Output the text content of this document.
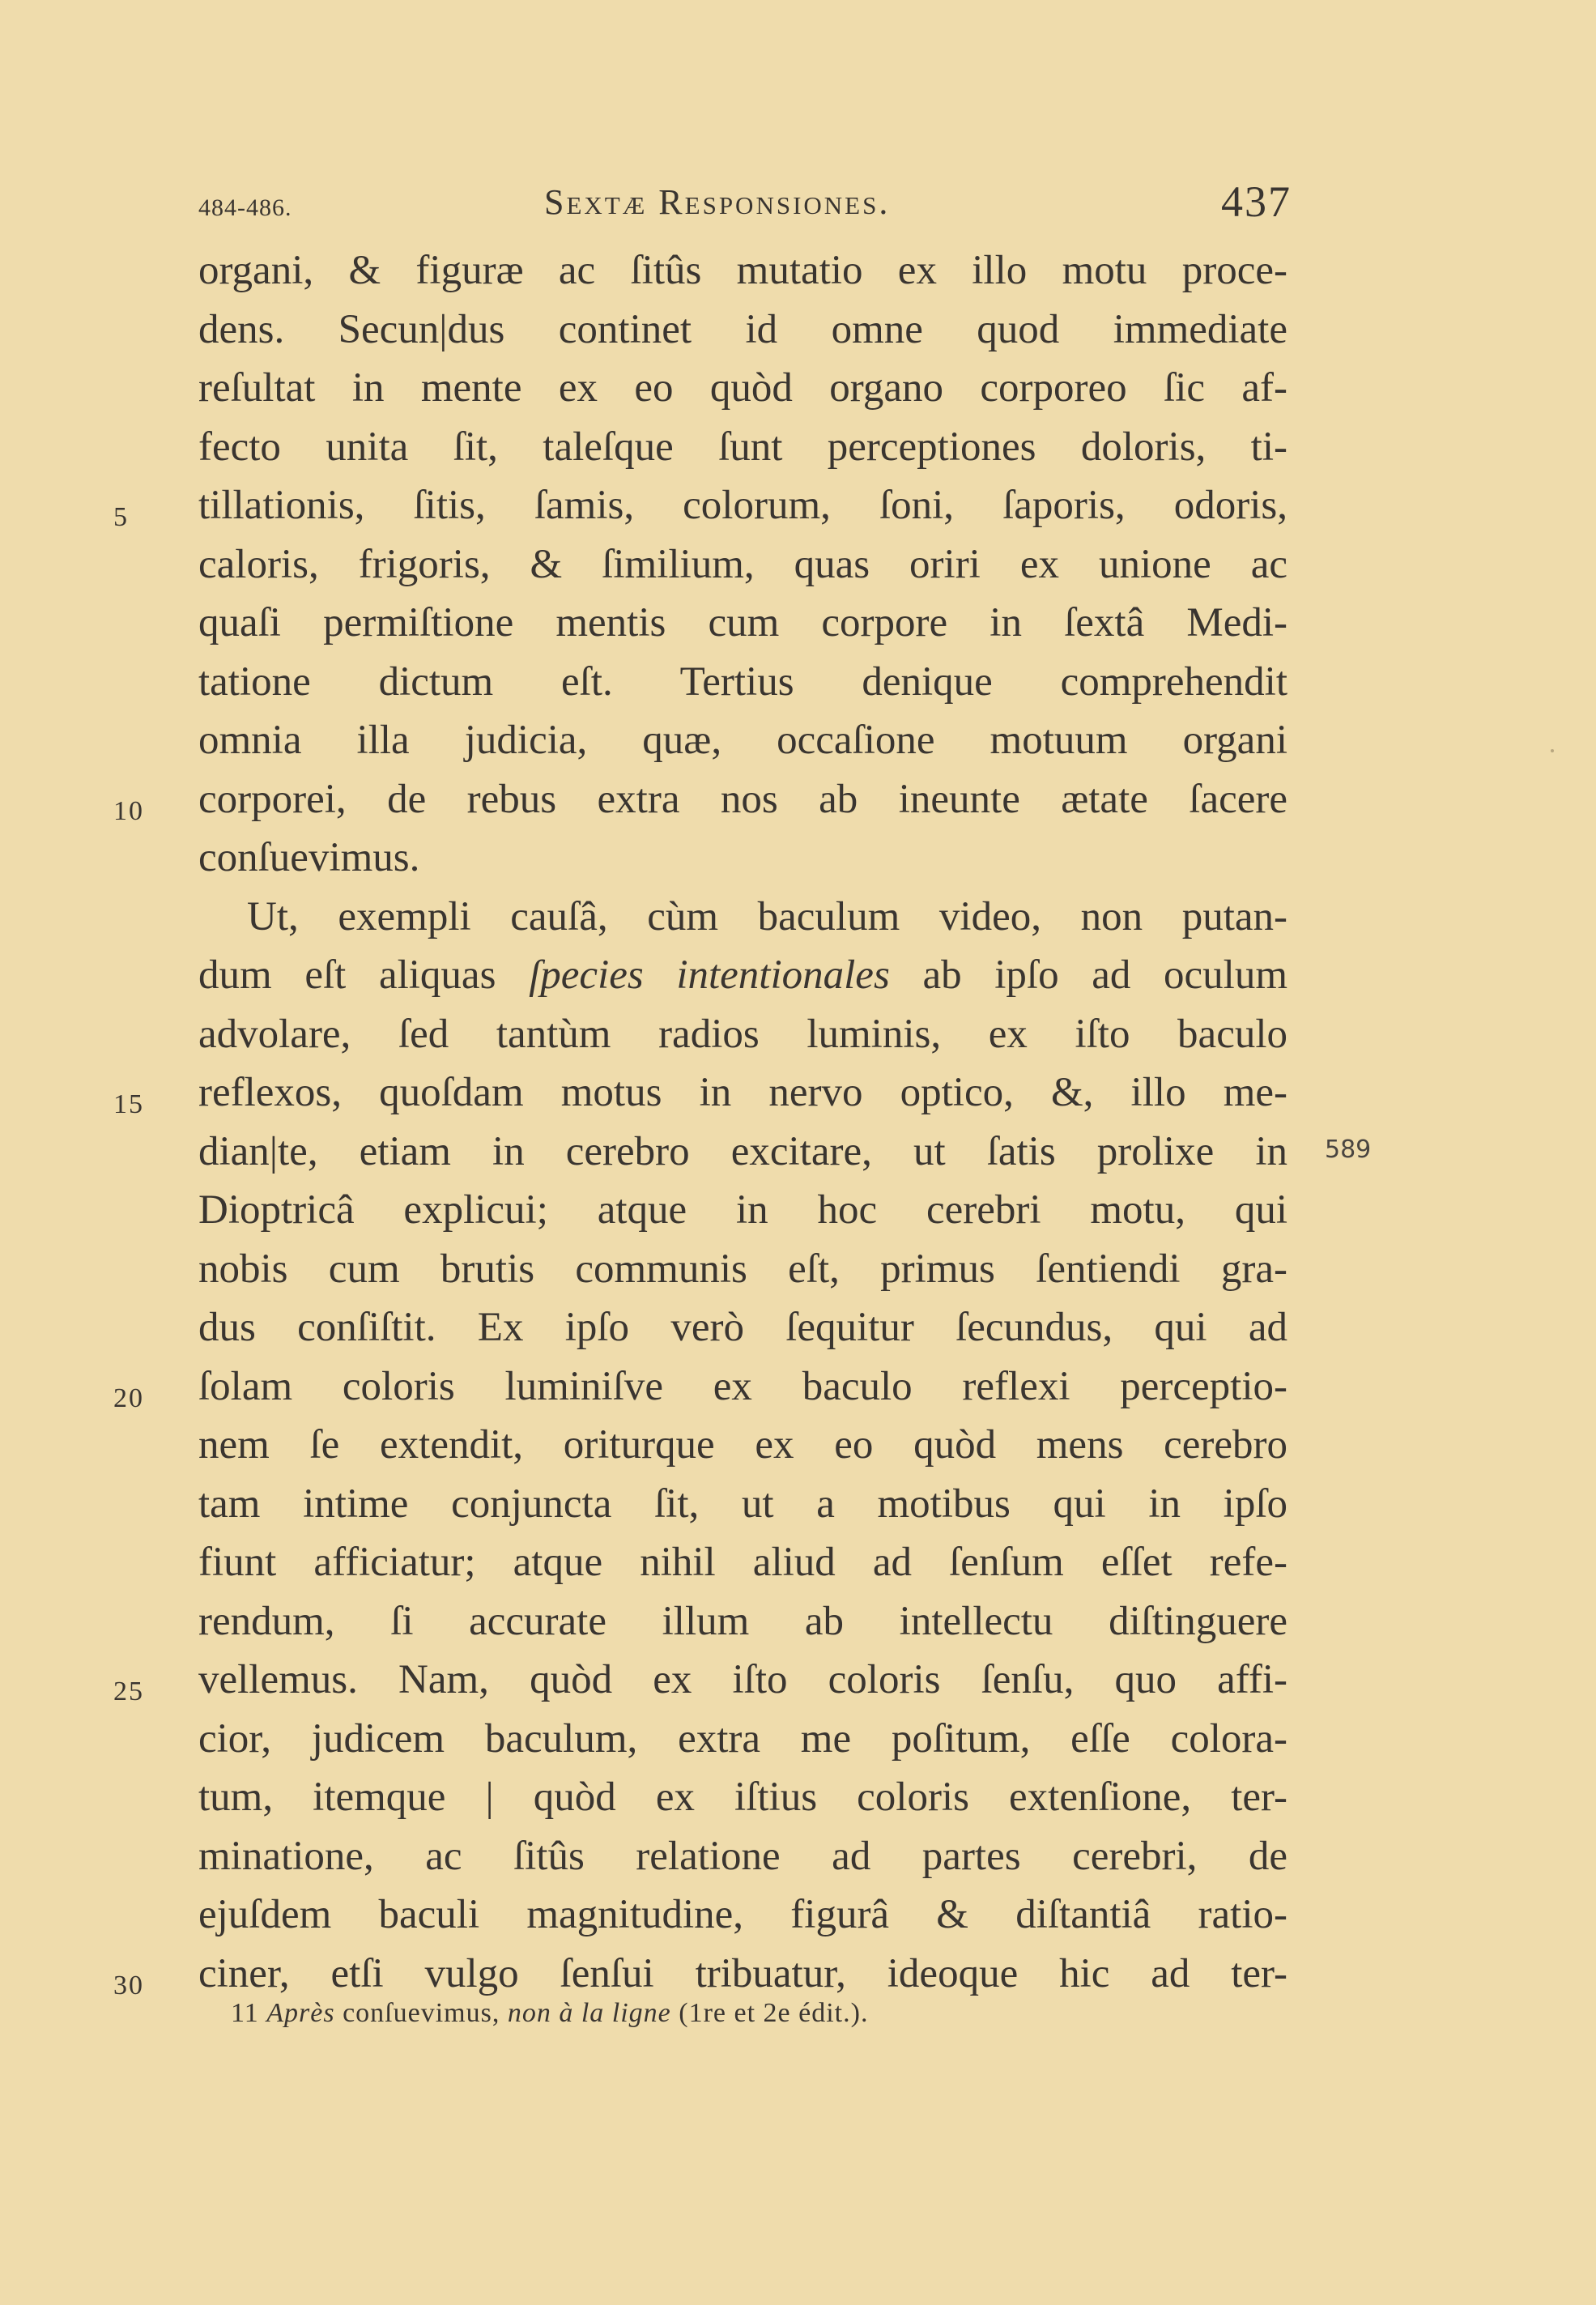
484-486.	Sextæ Responsiones.	437
organi, & figuræ ac ſitûs mutatio ex illo motu proce-
dens. Secun|dus continet id omne quod immediate
reſultat in mente ex eo quòd organo corporeo ſic af-
fecto unita ſit, taleſque ſunt perceptiones doloris, ti-
tillationis, ſitis, ſamis, colorum, ſoni, ſaporis, odoris,
caloris, frigoris, & ſimilium, quas oriri ex unione ac
quaſi permiſtione mentis cum corpore in ſextâ Medi-
tatione dictum eſt. Tertius denique comprehendit
omnia illa judicia, quæ, occaſione motuum organi
corporei, de rebus extra nos ab ineunte ætate ſacere
conſuevimus.
Ut, exempli cauſâ, cùm baculum video, non putan-
dum eſt aliquas ſpecies intentionales ab ipſo ad oculum
advolare, ſed tantùm radios luminis, ex iſto baculo
reflexos, quoſdam motus in nervo optico, &, illo me-
dian|te, etiam in cerebro excitare, ut ſatis prolixe in
Dioptricâ explicui; atque in hoc cerebri motu, qui
nobis cum brutis communis eſt, primus ſentiendi gra-
dus conſiſtit. Ex ipſo verò ſequitur ſecundus, qui ad
ſolam coloris luminiſve ex baculo reflexi perceptio-
nem ſe extendit, oriturque ex eo quòd mens cerebro
tam intime conjuncta ſit, ut a motibus qui in ipſo
fiunt afficiatur; atque nihil aliud ad ſenſum eſſet refe-
rendum, ſi accurate illum ab intellectu diſtinguere
vellemus. Nam, quòd ex iſto coloris ſenſu, quo affi-
cior, judicem baculum, extra me poſitum, eſſe colora-
tum, itemque | quòd ex iſtius coloris extenſione, ter-
minatione, ac ſitûs relatione ad partes cerebri, de
ejuſdem baculi magnitudine, figurâ & diſtantiâ ratio-
ciner, etſi vulgo ſenſui tribuatur, ideoque hic ad ter-
5
10
15
20
25
30
589
11 Après conſuevimus, non à la ligne (1re et 2e édit.).
